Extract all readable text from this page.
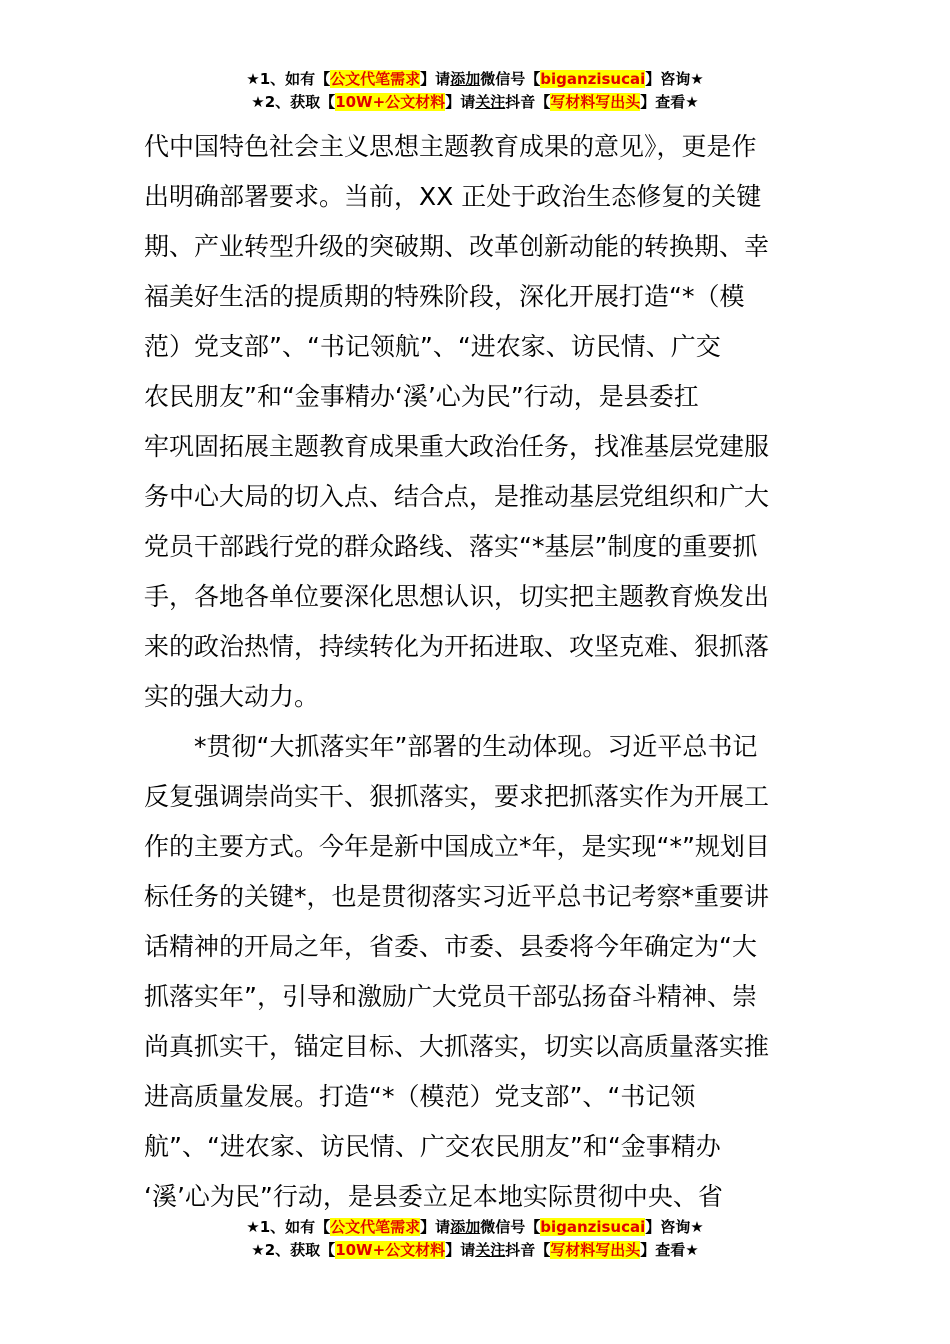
★1、如有【公文代笔需求】请添加微信号【biganzisucai】咨询★
★2、获取【10W+公文材料】请关注抖音【写材料写出头】查看★
代中国特色社会主义思想主题教育成果的意见》，更是作
出明确部署要求。当前，XX 正处于政治生态修复的关键
期、产业转型升级的突破期、改革创新动能的转换期、幸
福美好生活的提质期的特殊阶段，深化开展打造“*（模
范）党支部”、“书记领航”、“进农家、访民情、广交
农民朋友”和“金事精办‘溪’心为民”行动，是县委扛
牢巩固拓展主题教育成果重大政治任务，找准基层党建服
务中心大局的切入点、结合点，是推动基层党组织和广大
党员干部践行党的群众路线、落实“*基层”制度的重要抓
手，各地各单位要深化思想认识，切实把主题教育焕发出
来的政治热情，持续转化为开拓进取、攻坚克难、狠抓落
实的强大动力。
*贯彻“大抓落实年”部署的生动体现。习近平总书记
反复强调崇尚实干、狠抓落实，要求把抓落实作为开展工
作的主要方式。今年是新中国成立*年，是实现“*”规划目
标任务的关键*，也是贯彻落实习近平总书记考察*重要讲
话精神的开局之年，省委、市委、县委将今年确定为“大
抓落实年”，引导和激励广大党员干部弘扬奋斗精神、崇
尚真抓实干，锚定目标、大抓落实，切实以高质量落实推
进高质量发展。打造“*（模范）党支部”、“书记领
航”、“进农家、访民情、广交农民朋友”和“金事精办
‘溪’心为民”行动，是县委立足本地实际贯彻中央、省
★1、如有【公文代笔需求】请添加微信号【biganzisucai】咨询★
★2、获取【10W+公文材料】请关注抖音【写材料写出头】查看★
